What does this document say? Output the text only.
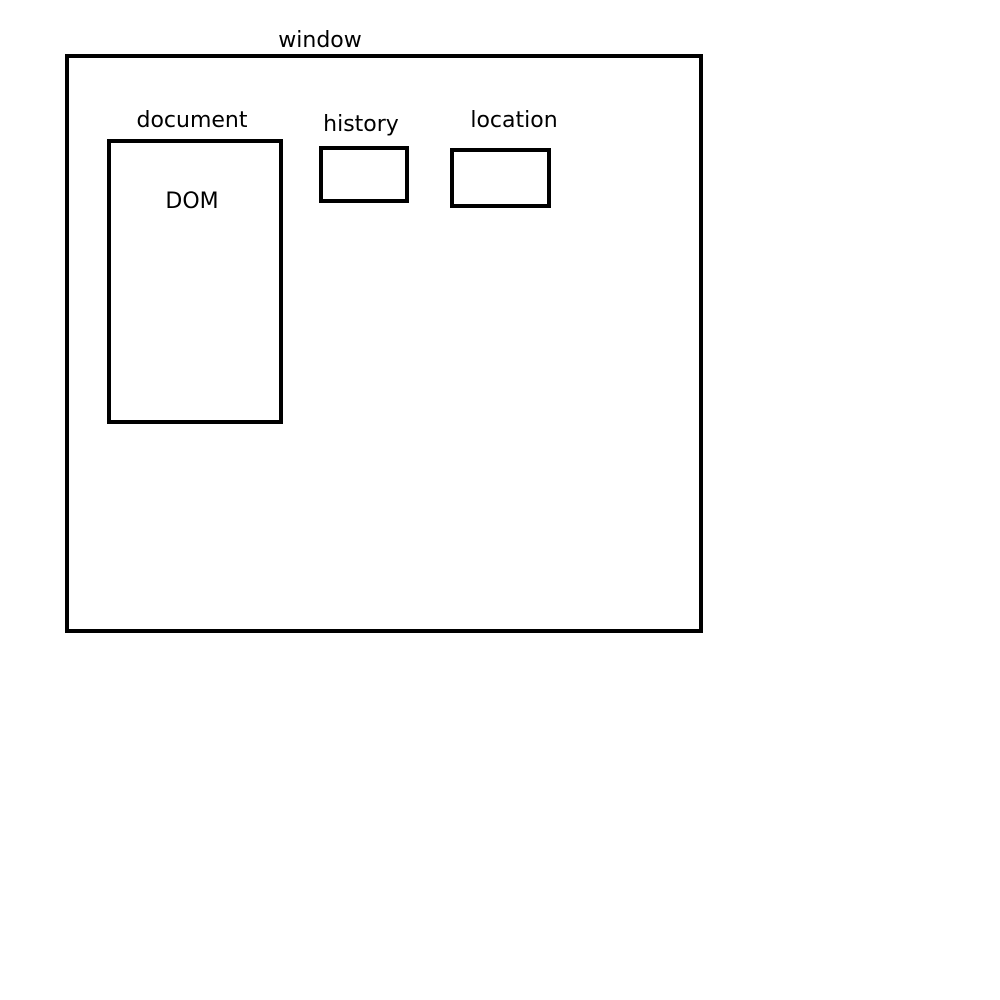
window
document
DOM
history	location
